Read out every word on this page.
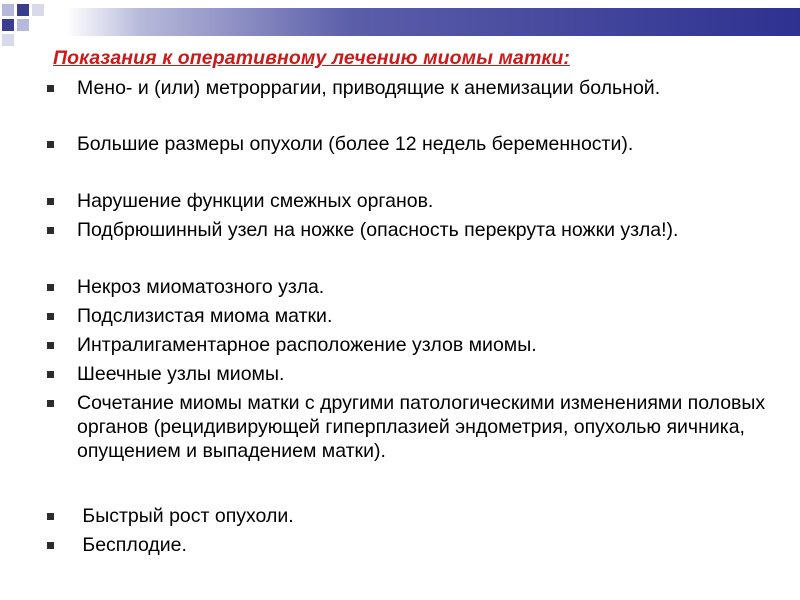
Показания к оперативному лечению миомы матки:

Мено- и (или) метроррагии, приводящие к анемизации больной.

Большие размеры опухоли (более 12 недель беременности).

Нарушение функции смежных органов.

Подбрюшинный узел на ножке (опасность перекрута ножки узла!).

Некроз миоматозного узла.

Подслизистая миома матки.

Интралигаментарное расположение узлов миомы.

Шеечные узлы миомы.

Сочетание миомы матки с другими патологическими изменениями половых органов (рецидивирующей гиперплазией эндометрия, опухолью яичника, опущением и выпадением матки).

Быстрый рост опухоли.

Бесплодие.
